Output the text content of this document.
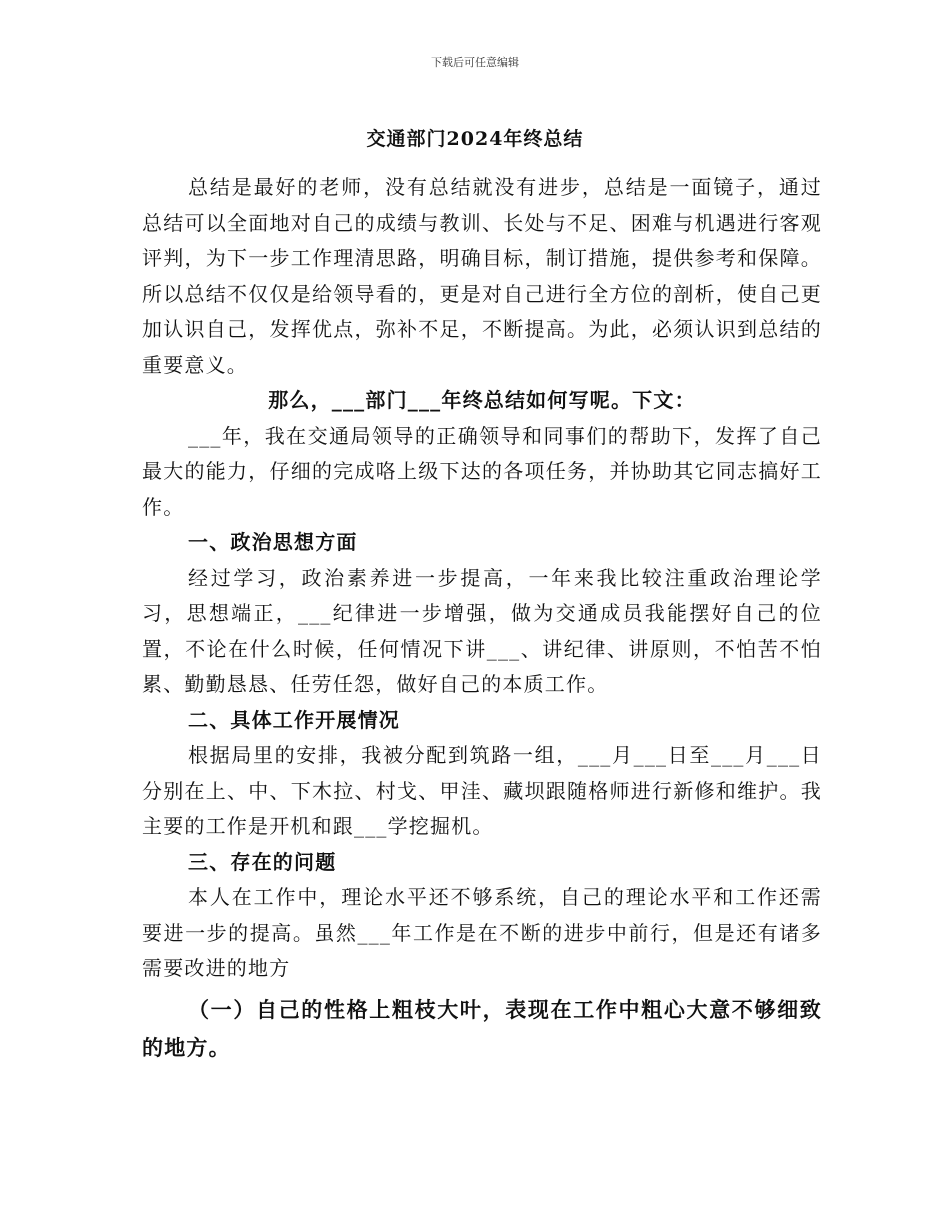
下载后可任意编辑
交通部门2024年终总结

总结是最好的老师，没有总结就没有进步，总结是一面镜子，通过总结可以全面地对自己的成绩与教训、长处与不足、困难与机遇进行客观评判，为下一步工作理清思路，明确目标，制订措施，提供参考和保障。所以总结不仅仅是给领导看的，更是对自己进行全方位的剖析，使自己更加认识自己，发挥优点，弥补不足，不断提高。为此，必须认识到总结的重要意义。

那么，___部门___年终总结如何写呢。下文：

___年，我在交通局领导的正确领导和同事们的帮助下，发挥了自己最大的能力，仔细的完成咯上级下达的各项任务，并协助其它同志搞好工作。

一、政治思想方面

经过学习，政治素养进一步提高，一年来我比较注重政治理论学习，思想端正，___纪律进一步增强，做为交通成员我能摆好自己的位置，不论在什么时候，任何情况下讲___、讲纪律、讲原则，不怕苦不怕累、勤勤恳恳、任劳任怨，做好自己的本质工作。

二、具体工作开展情况

根据局里的安排，我被分配到筑路一组，___月___日至___月___日分别在上、中、下木拉、村戈、甲洼、藏坝跟随格师进行新修和维护。我主要的工作是开机和跟___学挖掘机。

三、存在的问题

本人在工作中，理论水平还不够系统，自己的理论水平和工作还需要进一步的提高。虽然___年工作是在不断的进步中前行，但是还有诸多需要改进的地方

（一）自己的性格上粗枝大叶，表现在工作中粗心大意不够细致的地方。
